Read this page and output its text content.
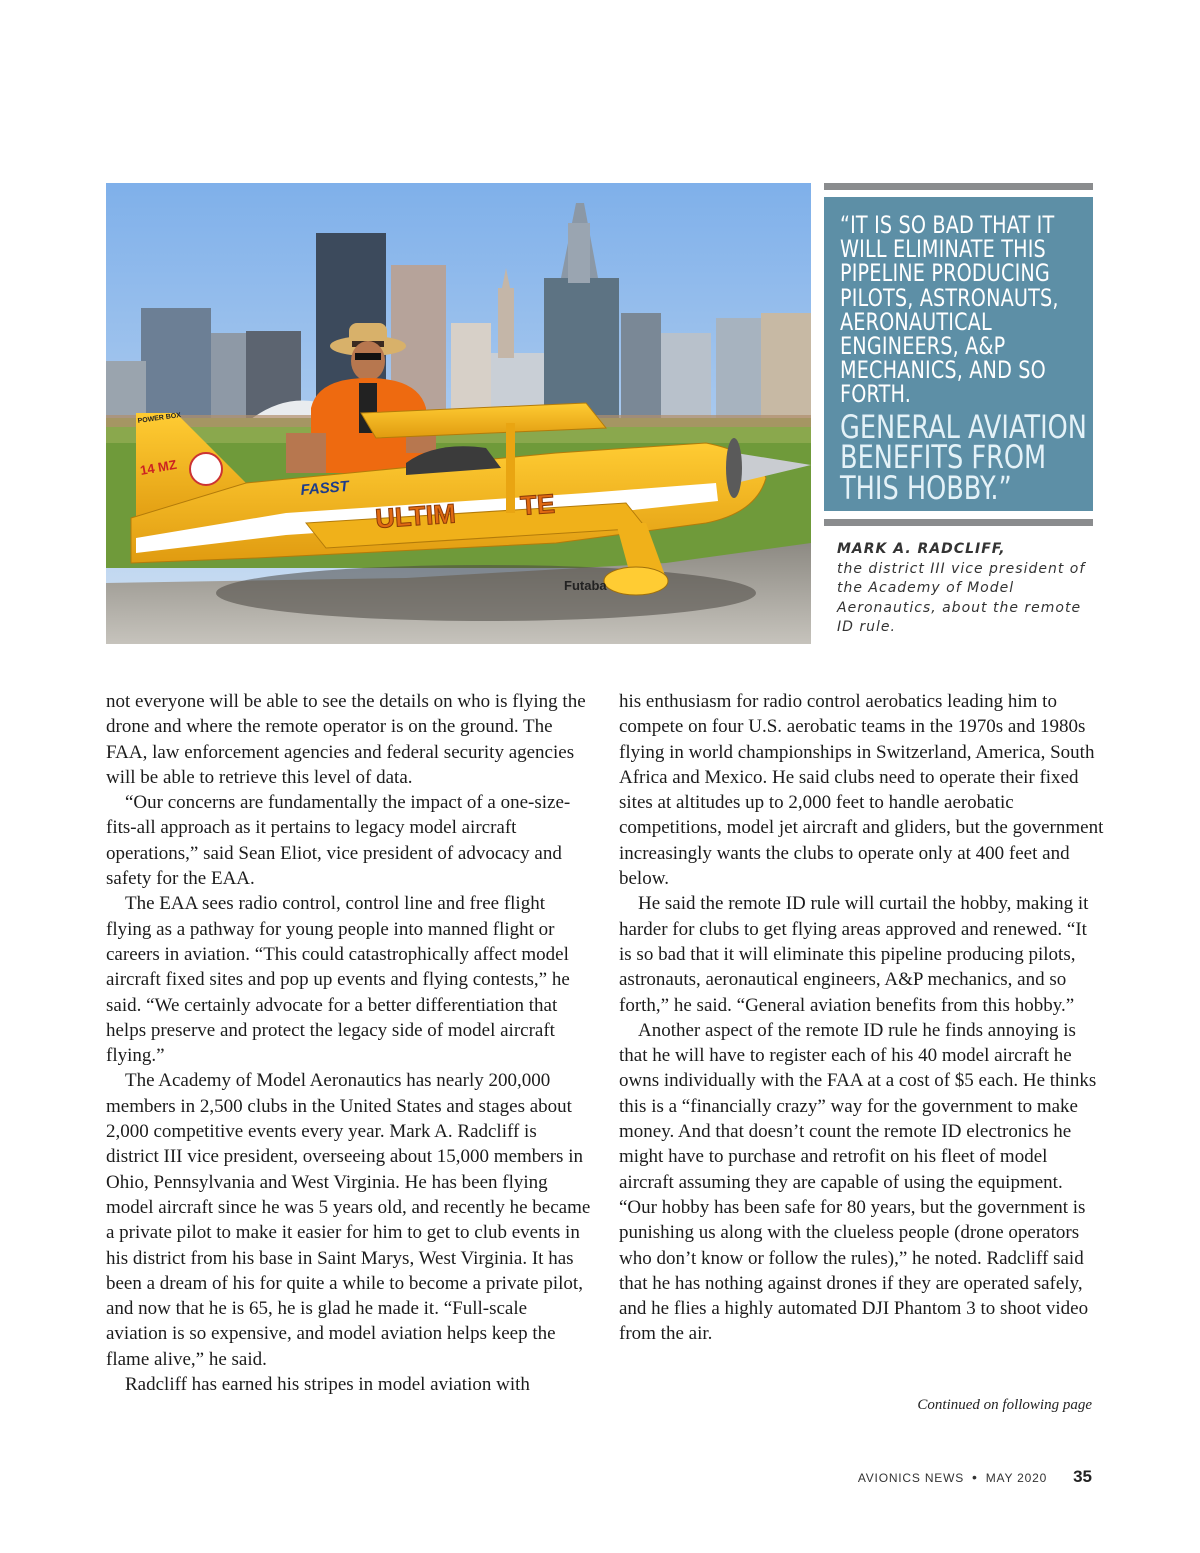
ULTIM TE
FASST
Futaba
14 MZ
POWER BOX
“IT IS SO BAD THAT IT WILL ELIMINATE THIS PIPELINE PRODUCING PILOTS, ASTRONAUTS, AERONAUTICAL ENGINEERS, A&P MECHANICS, AND SO FORTH.
GENERAL AVIATION BENEFITS FROM THIS HOBBY.”
MARK A. RADCLIFF,
the district III vice president of the Academy of Model Aeronautics, about the remote ID rule.

not everyone will be able to see the details on who is flying the drone and where the remote operator is on the ground. The FAA, law enforcement agencies and federal security agencies will be able to retrieve this level of data.

“Our concerns are fundamentally the impact of a one-size-fits-all approach as it pertains to legacy model aircraft operations,” said Sean Eliot, vice president of advocacy and safety for the EAA.

The EAA sees radio control, control line and free flight flying as a pathway for young people into manned flight or careers in aviation. “This could catastrophically affect model aircraft fixed sites and pop up events and flying contests,” he said. “We certainly advocate for a better differentiation that helps preserve and protect the legacy side of model aircraft flying.”

The Academy of Model Aeronautics has nearly 200,000 members in 2,500 clubs in the United States and stages about 2,000 competitive events every year. Mark A. Radcliff is district III vice president, overseeing about 15,000 members in Ohio, Pennsylvania and West Virginia. He has been flying model aircraft since he was 5 years old, and recently he became a private pilot to make it easier for him to get to club events in his district from his base in Saint Marys, West Virginia. It has been a dream of his for quite a while to become a private pilot, and now that he is 65, he is glad he made it. “Full-scale aviation is so expensive, and model aviation helps keep the flame alive,” he said.

Radcliff has earned his stripes in model aviation with

his enthusiasm for radio control aerobatics leading him to compete on four U.S. aerobatic teams in the 1970s and 1980s flying in world championships in Switzerland, America, South Africa and Mexico. He said clubs need to operate their fixed sites at altitudes up to 2,000 feet to handle aerobatic competitions, model jet aircraft and gliders, but the government increasingly wants the clubs to operate only at 400 feet and below.

He said the remote ID rule will curtail the hobby, making it harder for clubs to get flying areas approved and renewed. “It is so bad that it will eliminate this pipeline producing pilots, astronauts, aeronautical engineers, A&P mechanics, and so forth,” he said. “General aviation benefits from this hobby.”

Another aspect of the remote ID rule he finds annoying is that he will have to register each of his 40 model aircraft he owns individually with the FAA at a cost of $5 each. He thinks this is a “financially crazy” way for the government to make money. And that doesn’t count the remote ID electronics he might have to purchase and retrofit on his fleet of model aircraft assuming they are capable of using the equipment. “Our hobby has been safe for 80 years, but the government is punishing us along with the clueless people (drone operators who don’t know or follow the rules),” he noted. Radcliff said that he has nothing against drones if they are operated safely, and he flies a highly automated DJI Phantom 3 to shoot video from the air.

Continued on following page
AVIONICS NEWS • MAY 2020 35
